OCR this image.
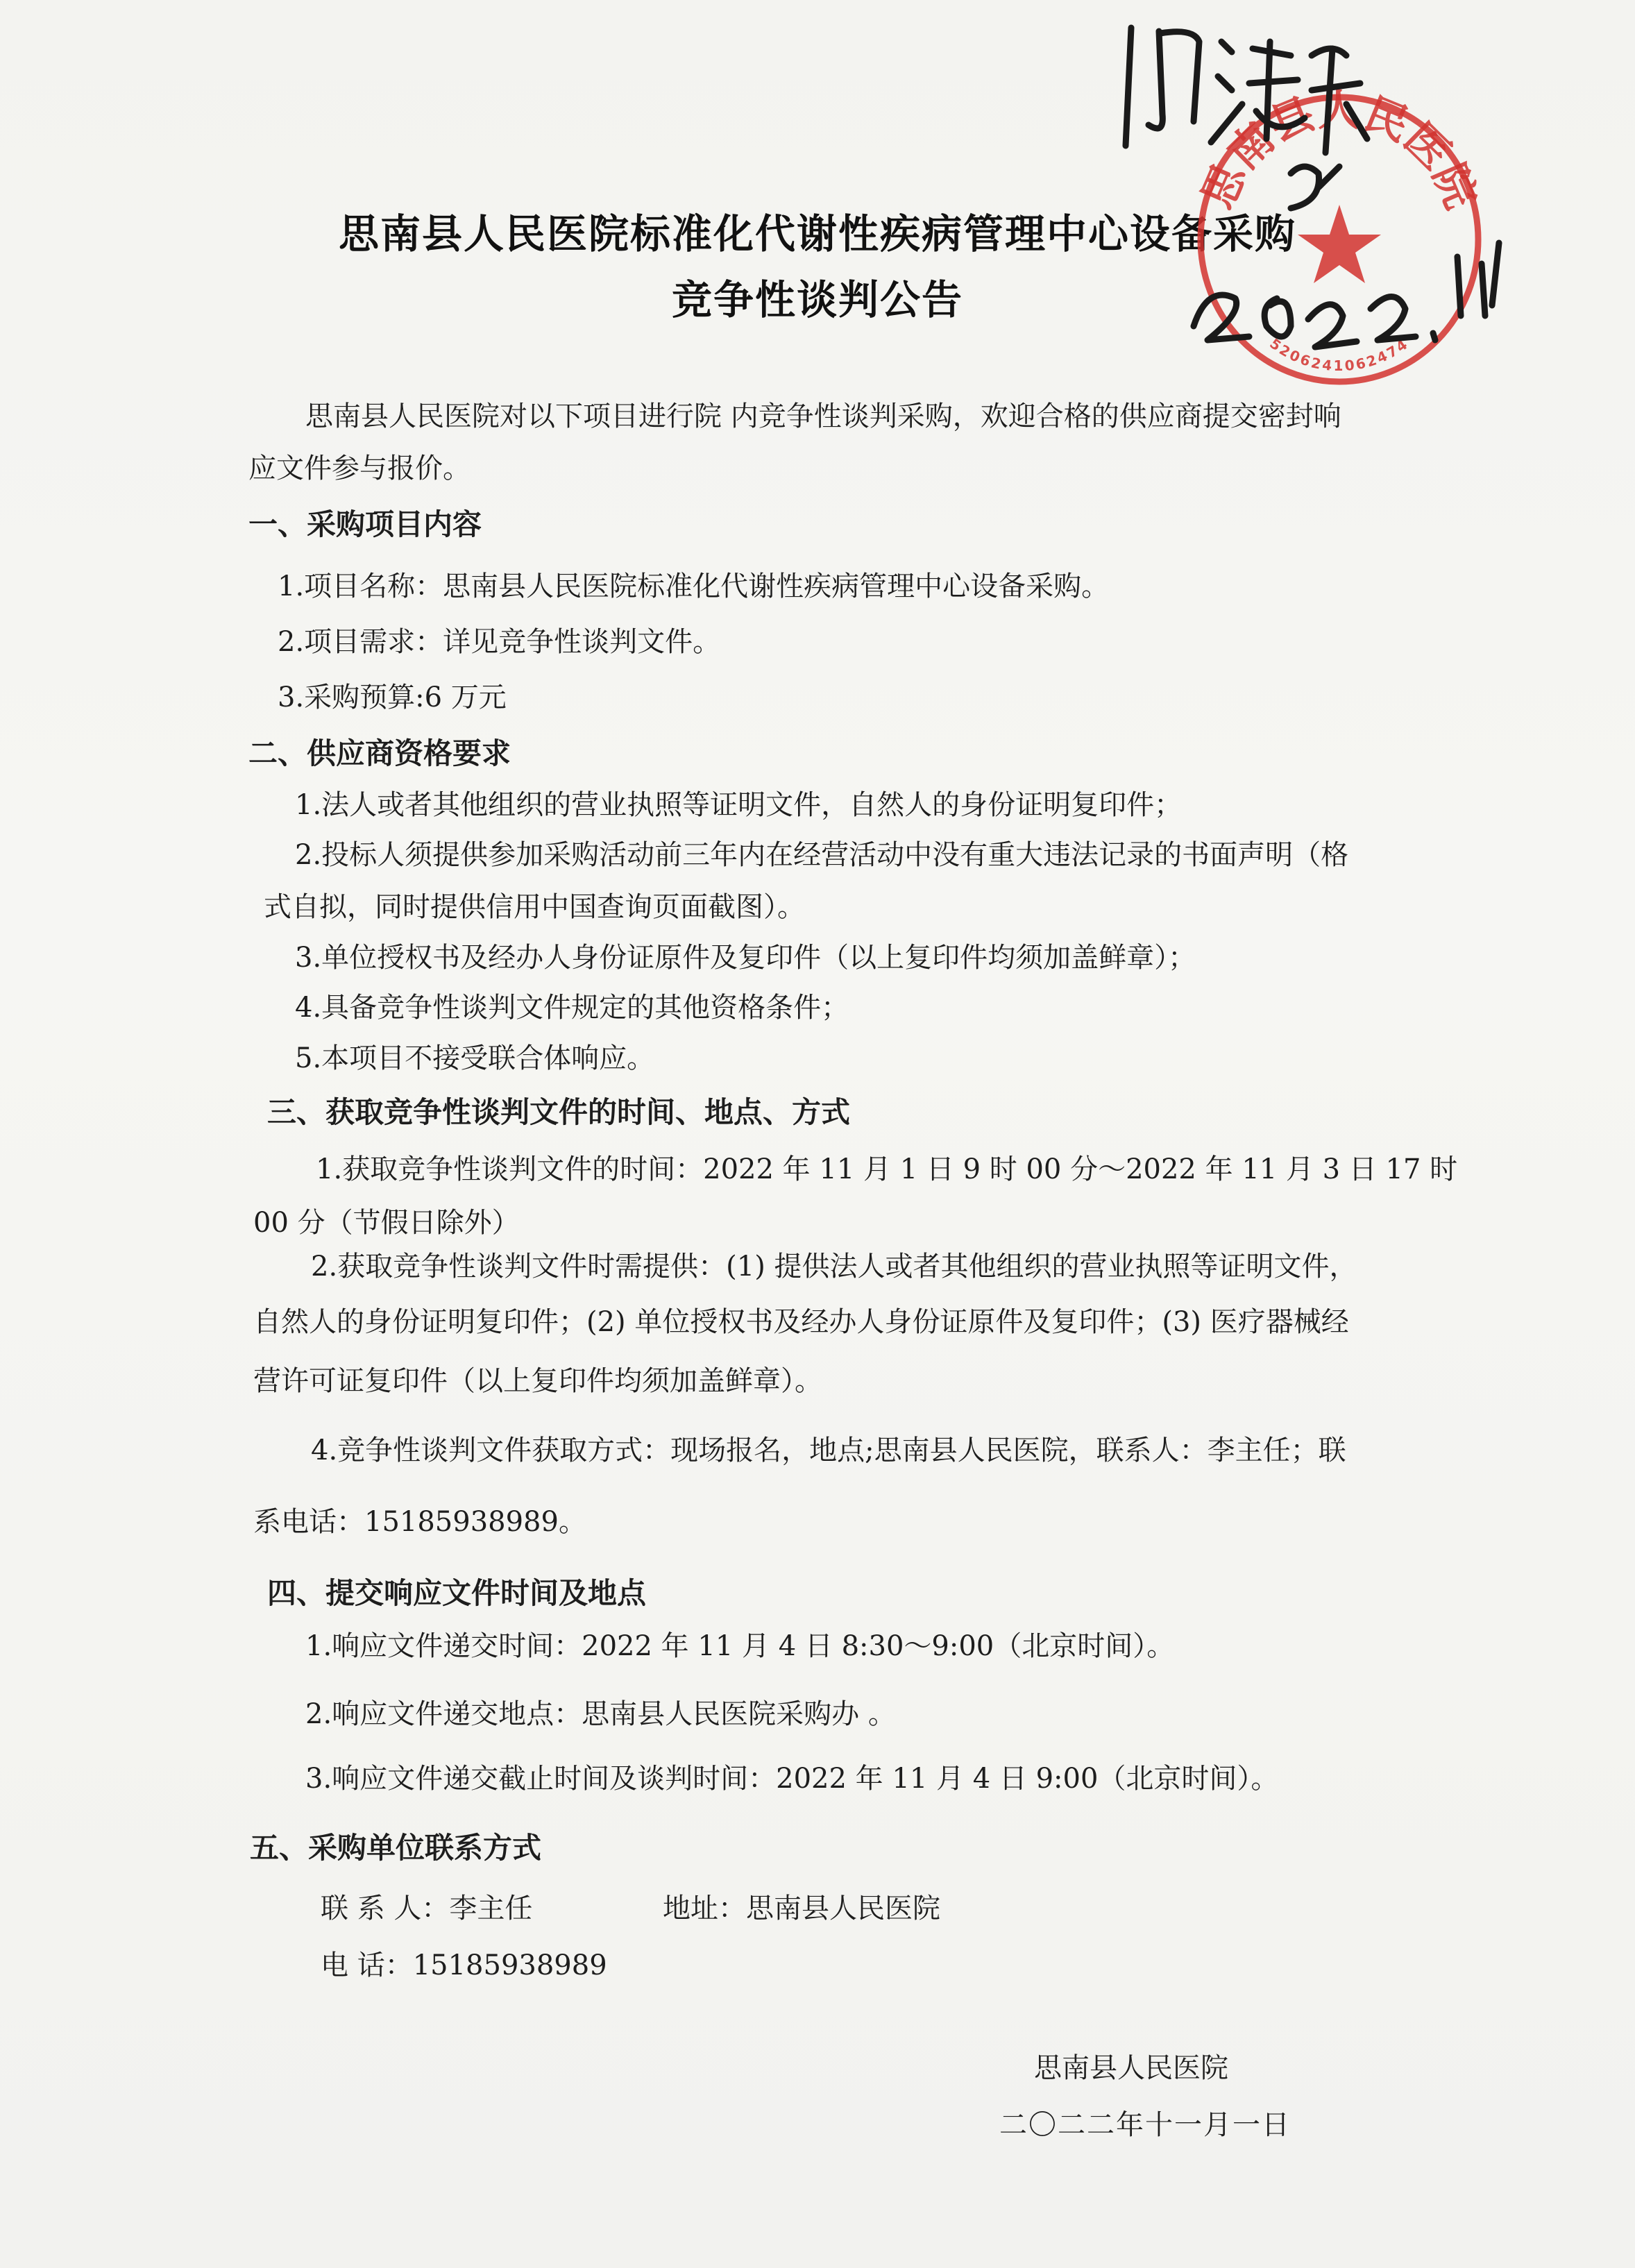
思南县人民医院标准化代谢性疾病管理中心设备采购
竞争性谈判公告
思南县人民医院对以下项目进行院 内竞争性谈判采购，欢迎合格的供应商提交密封响
应文件参与报价。
一、采购项目内容
1.项目名称：思南县人民医院标准化代谢性疾病管理中心设备采购。
2.项目需求：详见竞争性谈判文件。
3.采购预算:6 万元
二、供应商资格要求
1.法人或者其他组织的营业执照等证明文件，自然人的身份证明复印件；
2.投标人须提供参加采购活动前三年内在经营活动中没有重大违法记录的书面声明（格
式自拟，同时提供信用中国查询页面截图）。
3.单位授权书及经办人身份证原件及复印件（以上复印件均须加盖鲜章）；
4.具备竞争性谈判文件规定的其他资格条件；
5.本项目不接受联合体响应。
三、获取竞争性谈判文件的时间、地点、方式
1.获取竞争性谈判文件的时间：2022 年 11 月 1 日 9 时 00 分～2022 年 11 月 3 日 17 时
00 分（节假日除外）
2.获取竞争性谈判文件时需提供：(1) 提供法人或者其他组织的营业执照等证明文件，
自然人的身份证明复印件；(2) 单位授权书及经办人身份证原件及复印件；(3) 医疗器械经
营许可证复印件（以上复印件均须加盖鲜章）。
4.竞争性谈判文件获取方式：现场报名，地点;思南县人民医院，联系人：李主任；联
系电话：15185938989。
四、提交响应文件时间及地点
1.响应文件递交时间：2022 年 11 月 4 日 8:30～9:00（北京时间）。
2.响应文件递交地点：思南县人民医院采购办 。
3.响应文件递交截止时间及谈判时间：2022 年 11 月 4 日 9:00（北京时间）。
五、采购单位联系方式
联 系 人：李主任	地址：思南县人民医院
电 话：15185938989
思南县人民医院
二〇二二年十一月一日
思南县人民医院
5206241062474
